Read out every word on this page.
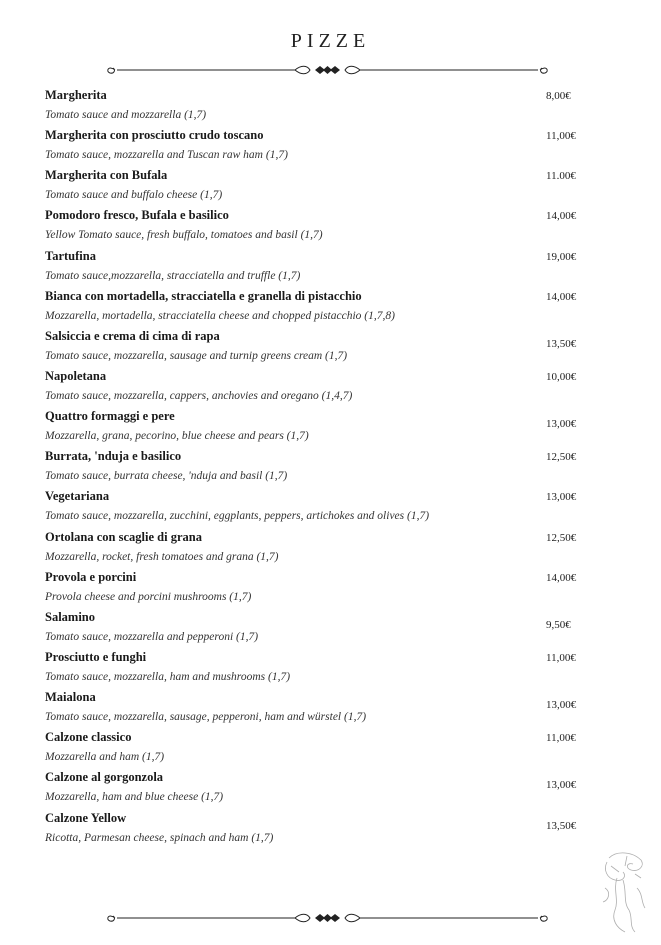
PIZZE
Margherita
Tomato sauce and mozzarella (1,7)
8,00€
Margherita con prosciutto crudo toscano
Tomato sauce, mozzarella and Tuscan raw ham (1,7)
11,00€
Margherita con Bufala
Tomato sauce and buffalo cheese (1,7)
11.00€
Pomodoro fresco, Bufala e basilico
Yellow Tomato sauce, fresh buffalo, tomatoes and basil (1,7)
14,00€
Tartufina
Tomato sauce,mozzarella, stracciatella and truffle (1,7)
19,00€
Bianca con mortadella, stracciatella e granella di pistacchio
Mozzarella, mortadella, stracciatella cheese and chopped pistacchio (1,7,8)
14,00€
Salsiccia e crema di cima di rapa
Tomato sauce, mozzarella, sausage and turnip greens cream (1,7)
13,50€
Napoletana
Tomato sauce, mozzarella, cappers, anchovies and oregano (1,4,7)
10,00€
Quattro formaggi e pere
Mozzarella, grana, pecorino, blue cheese and pears (1,7)
13,00€
Burrata, 'nduja e basilico
Tomato sauce, burrata cheese, 'nduja and basil (1,7)
12,50€
Vegetariana
Tomato sauce, mozzarella, zucchini, eggplants, peppers, artichokes and olives (1,7)
13,00€
Ortolana con scaglie di grana
Mozzarella, rocket, fresh tomatoes and grana (1,7)
12,50€
Provola e porcini
Provola cheese and porcini mushrooms (1,7)
14,00€
Salamino
Tomato sauce, mozzarella and pepperoni (1,7)
9,50€
Prosciutto e funghi
Tomato sauce, mozzarella, ham and mushrooms (1,7)
11,00€
Maialona
Tomato sauce, mozzarella, sausage, pepperoni, ham and würstel (1,7)
13,00€
Calzone classico
Mozzarella and ham (1,7)
11,00€
Calzone al gorgonzola
Mozzarella, ham and blue cheese (1,7)
13,00€
Calzone Yellow
Ricotta, Parmesan cheese, spinach and ham (1,7)
13,50€
